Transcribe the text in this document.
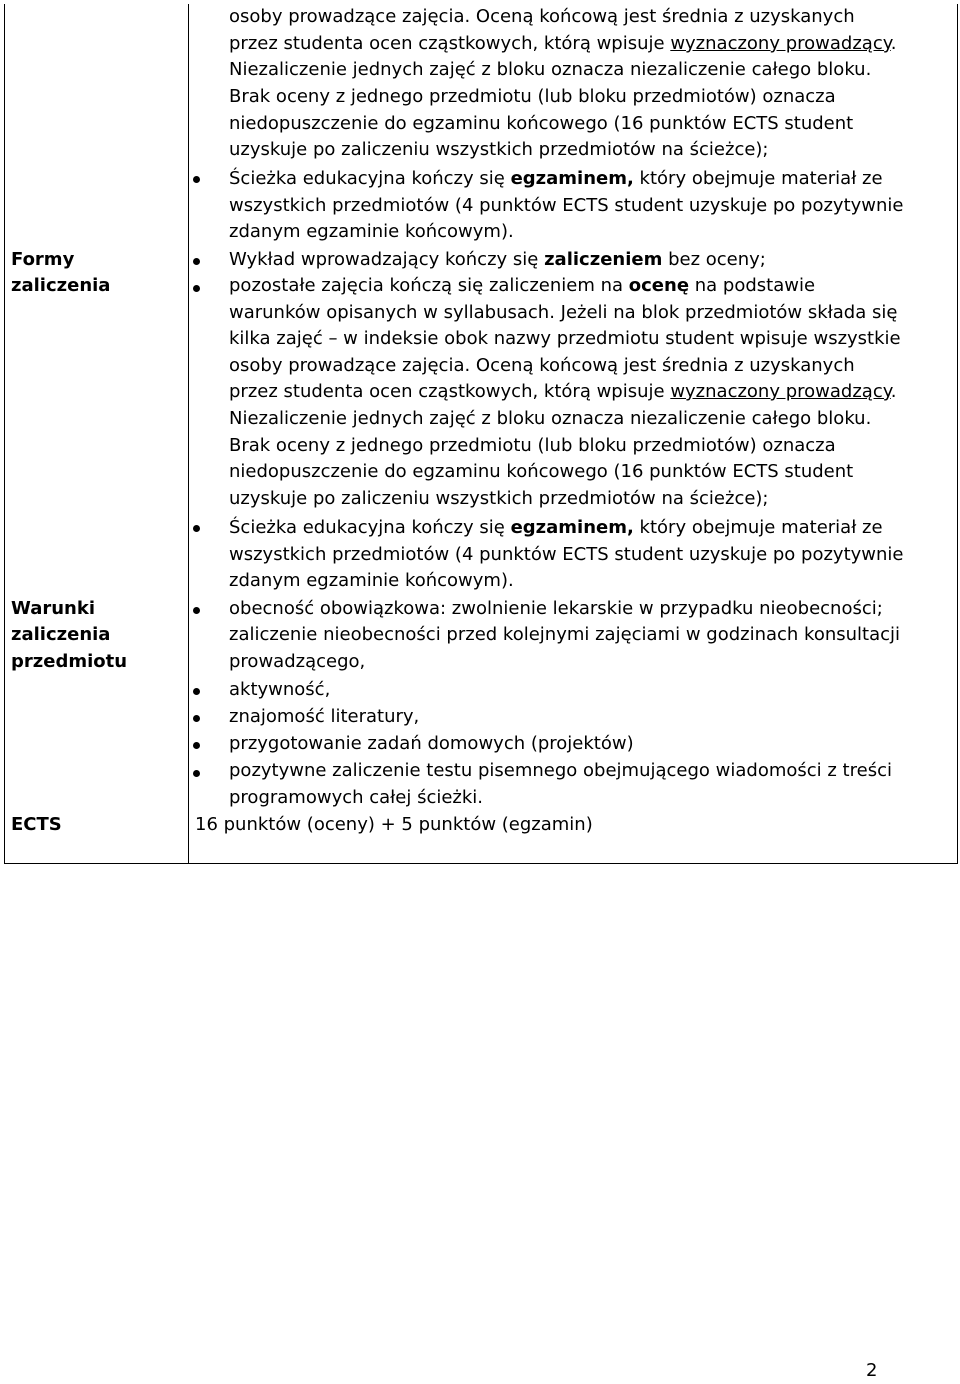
osoby prowadzące zajęcia. Oceną końcową jest średnia z uzyskanych
przez studenta ocen cząstkowych, którą wpisuje wyznaczony prowadzący.
Niezaliczenie jednych zajęć z bloku oznacza niezaliczenie całego bloku.
Brak oceny z jednego przedmiotu (lub bloku przedmiotów) oznacza
niedopuszczenie do egzaminu końcowego (16 punktów ECTS student
uzyskuje po zaliczeniu wszystkich przedmiotów na ścieżce);
Ścieżka edukacyjna kończy się egzaminem, który obejmuje materiał ze
wszystkich przedmiotów (4 punktów ECTS student uzyskuje po pozytywnie
zdanym egzaminie końcowym).
Formy
zaliczenia
Wykład wprowadzający kończy się zaliczeniem bez oceny;
pozostałe zajęcia kończą się zaliczeniem na ocenę na podstawie
warunków opisanych w syllabusach. Jeżeli na blok przedmiotów składa się
kilka zajęć – w indeksie obok nazwy przedmiotu student wpisuje wszystkie
osoby prowadzące zajęcia. Oceną końcową jest średnia z uzyskanych
przez studenta ocen cząstkowych, którą wpisuje wyznaczony prowadzący.
Niezaliczenie jednych zajęć z bloku oznacza niezaliczenie całego bloku.
Brak oceny z jednego przedmiotu (lub bloku przedmiotów) oznacza
niedopuszczenie do egzaminu końcowego (16 punktów ECTS student
uzyskuje po zaliczeniu wszystkich przedmiotów na ścieżce);
Ścieżka edukacyjna kończy się egzaminem, który obejmuje materiał ze
wszystkich przedmiotów (4 punktów ECTS student uzyskuje po pozytywnie
zdanym egzaminie końcowym).
Warunki
zaliczenia
przedmiotu
obecność obowiązkowa: zwolnienie lekarskie w przypadku nieobecności;
zaliczenie nieobecności przed kolejnymi zajęciami w godzinach konsultacji
prowadzącego,
aktywność,
znajomość literatury,
przygotowanie zadań domowych (projektów)
pozytywne zaliczenie testu pisemnego obejmującego wiadomości z treści
programowych całej ścieżki.
ECTS	16 punktów (oceny) + 5 punktów (egzamin)
2
